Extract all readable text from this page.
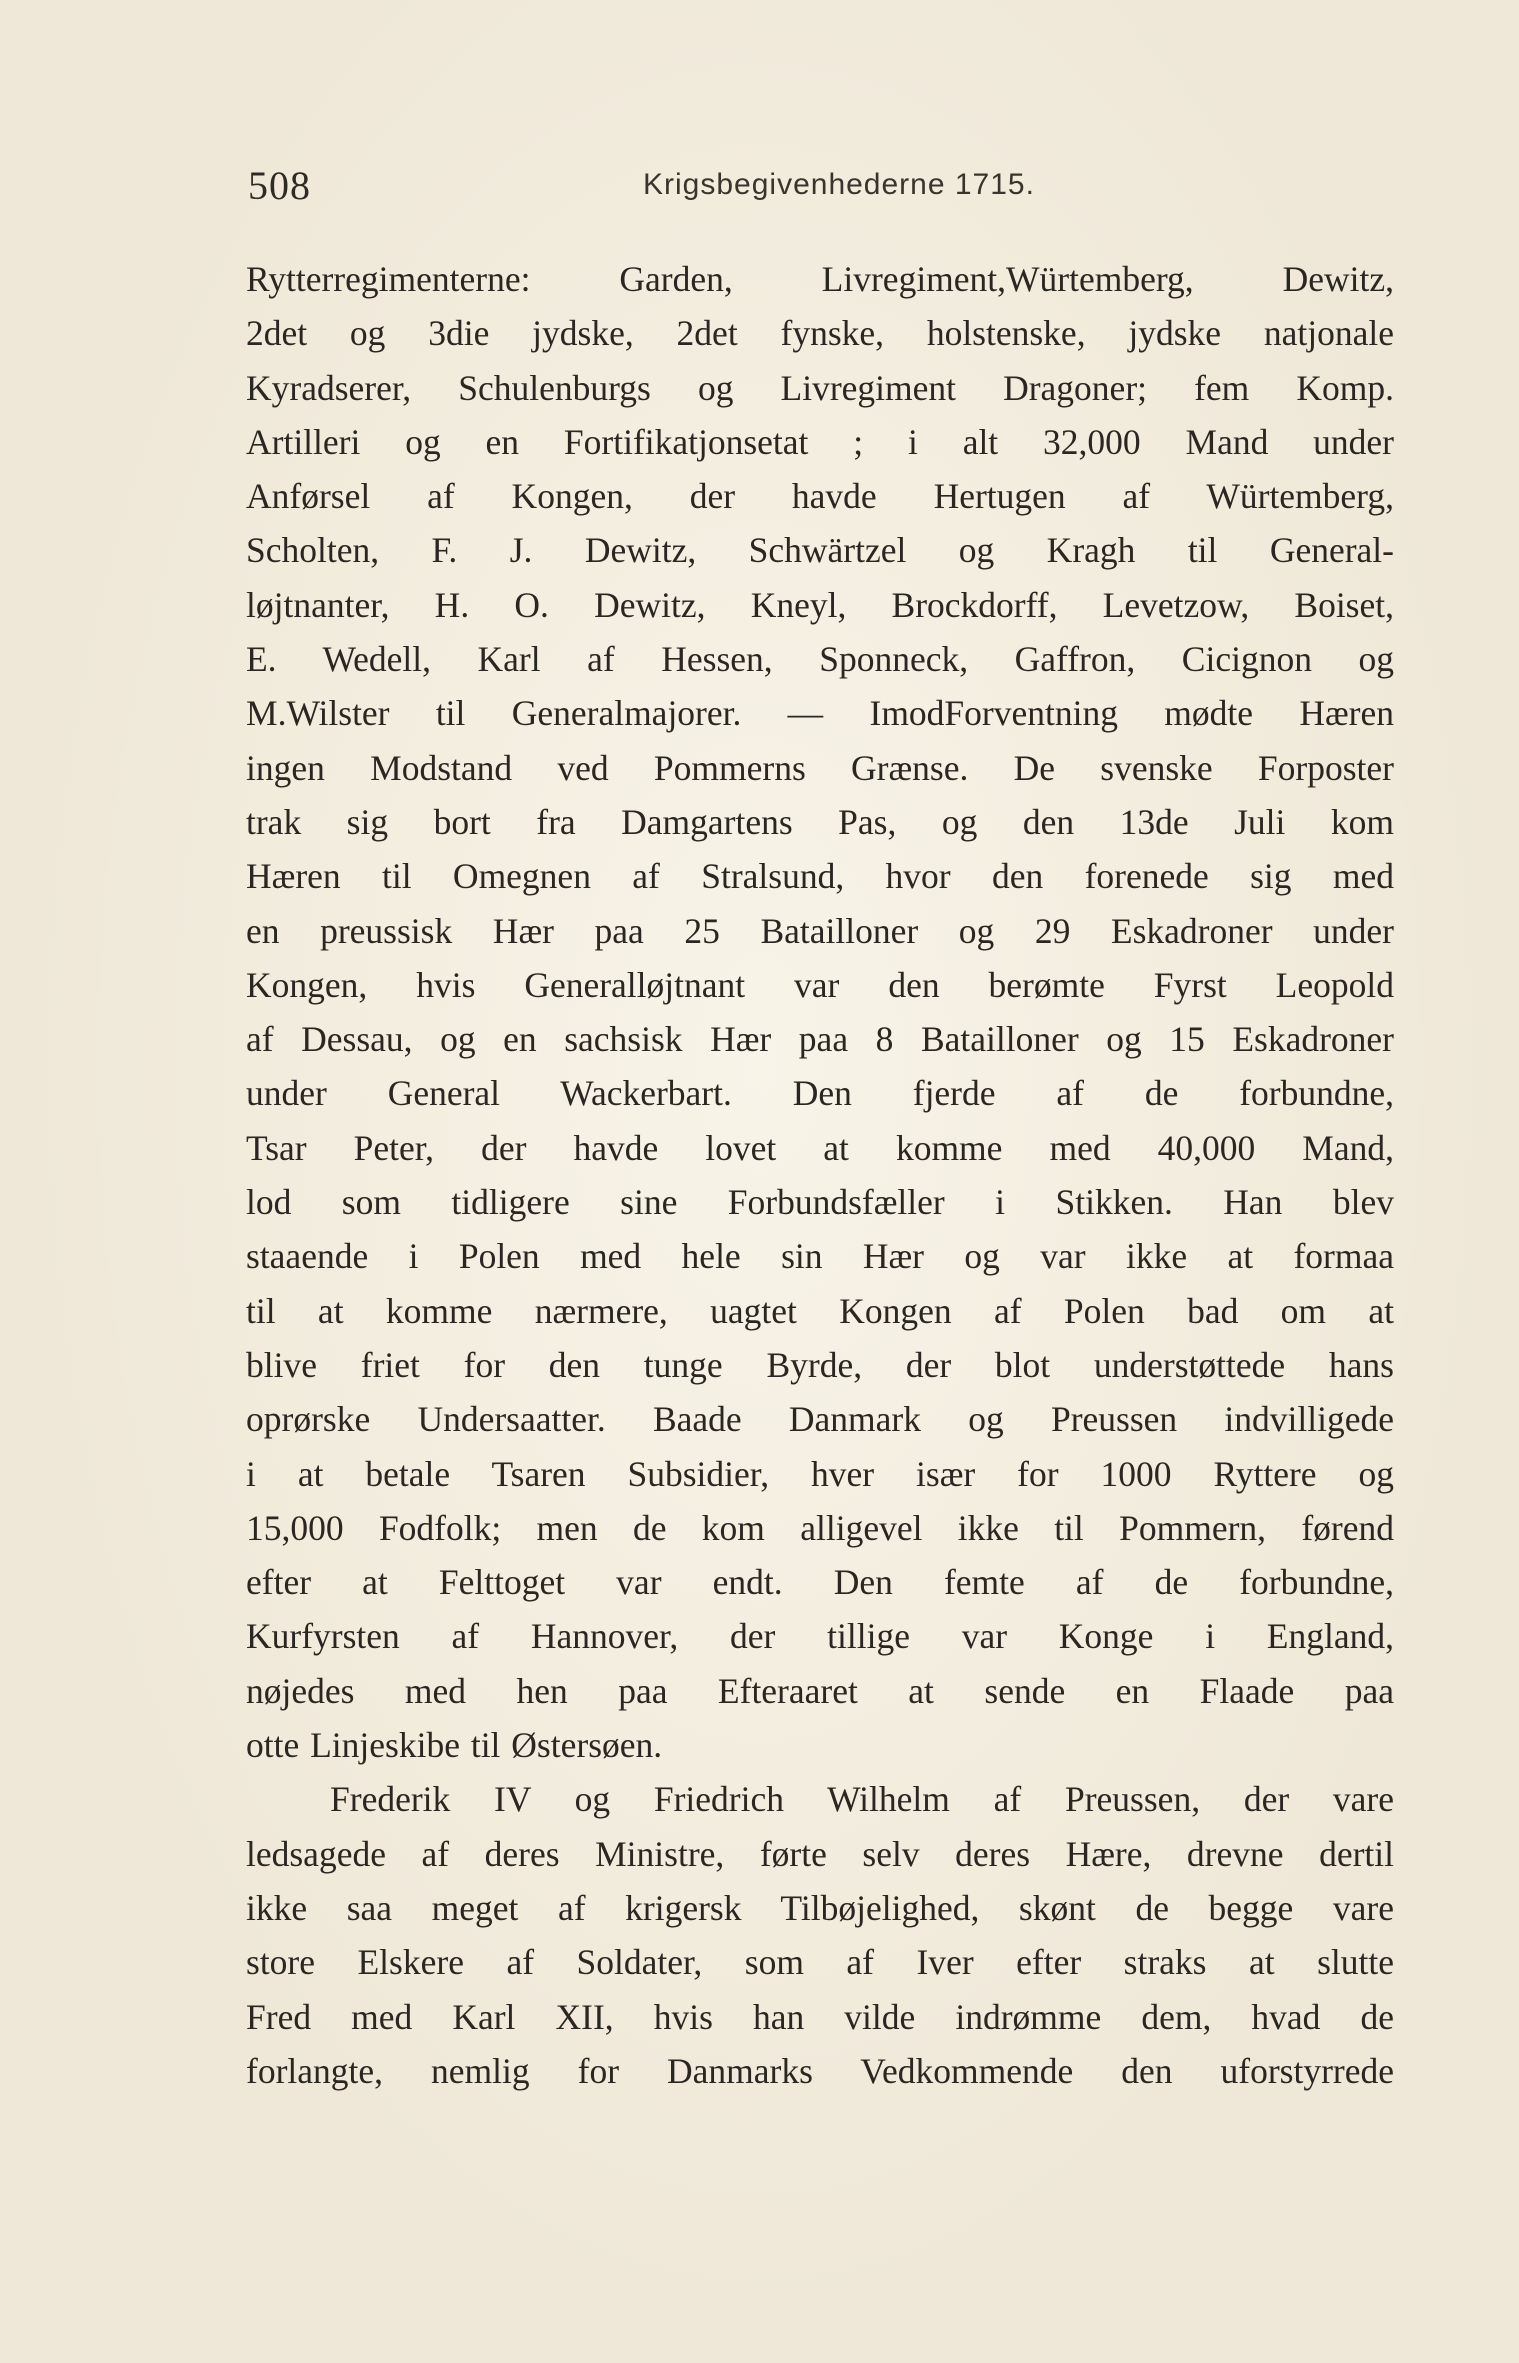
508	Krigsbegivenhederne 1715.
Rytterregimenterne: Garden, Livregiment,Würtemberg, Dewitz,
2det og 3die jydske, 2det fynske, holstenske, jydske natjonale
Kyradserer, Schulenburgs og Livregiment Dragoner; fem Komp.
Artilleri og en Fortifikatjonsetat ; i alt 32,000 Mand under
Anførsel af Kongen, der havde Hertugen af Würtemberg,
Scholten, F. J. Dewitz, Schwärtzel og Kragh til General-
løjtnanter, H. O. Dewitz, Kneyl, Brockdorff, Levetzow, Boiset,
E. Wedell, Karl af Hessen, Sponneck, Gaffron, Cicignon og
M.Wilster til Generalmajorer. — ImodForventning mødte Hæren
ingen Modstand ved Pommerns Grænse. De svenske Forposter
trak sig bort fra Damgartens Pas, og den 13de Juli kom
Hæren til Omegnen af Stralsund, hvor den forenede sig med
en preussisk Hær paa 25 Batailloner og 29 Eskadroner under
Kongen, hvis Generalløjtnant var den berømte Fyrst Leopold
af Dessau, og en sachsisk Hær paa 8 Batailloner og 15 Eskadroner
under General Wackerbart. Den fjerde af de forbundne,
Tsar Peter, der havde lovet at komme med 40,000 Mand,
lod som tidligere sine Forbundsfæller i Stikken. Han blev
staaende i Polen med hele sin Hær og var ikke at formaa
til at komme nærmere, uagtet Kongen af Polen bad om at
blive friet for den tunge Byrde, der blot understøttede hans
oprørske Undersaatter. Baade Danmark og Preussen indvilligede
i at betale Tsaren Subsidier, hver især for 1000 Ryttere og
15,000 Fodfolk; men de kom alligevel ikke til Pommern, førend
efter at Felttoget var endt. Den femte af de forbundne,
Kurfyrsten af Hannover, der tillige var Konge i England,
nøjedes med hen paa Efteraaret at sende en Flaade paa
otte Linjeskibe til Østersøen.
Frederik IV og Friedrich Wilhelm af Preussen, der vare
ledsagede af deres Ministre, førte selv deres Hære, drevne dertil
ikke saa meget af krigersk Tilbøjelighed, skønt de begge vare
store Elskere af Soldater, som af Iver efter straks at slutte
Fred med Karl XII, hvis han vilde indrømme dem, hvad de
forlangte, nemlig for Danmarks Vedkommende den uforstyrrede
